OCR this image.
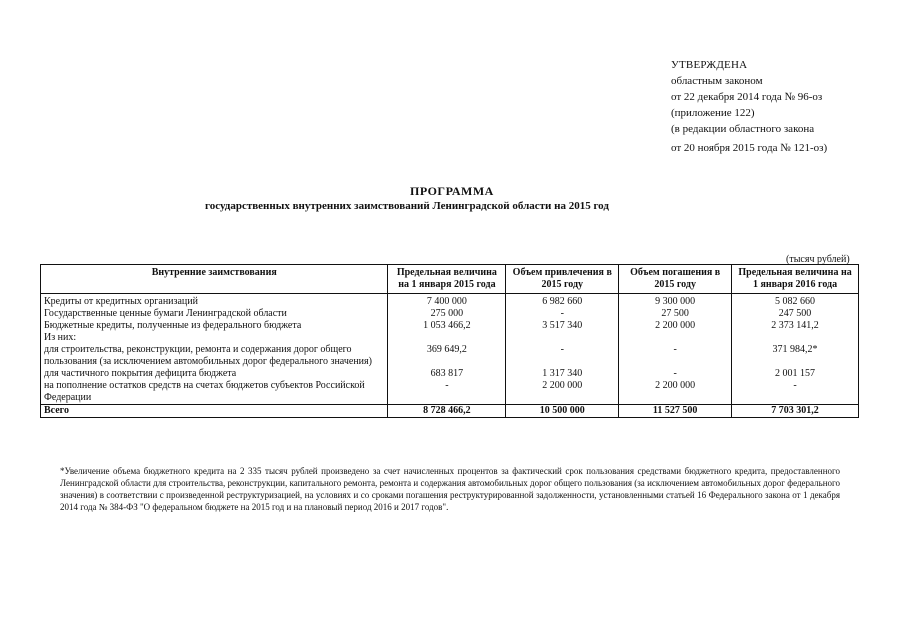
УТВЕРЖДЕНА
областным законом
от 22 декабря 2014 года № 96-оз
(приложение 122)
(в редакции областного закона
от 20 ноября 2015 года № 121-оз)
ПРОГРАММА
государственных внутренних заимствований Ленинградской области на 2015 год
(тысяч рублей)
Внутренние заимствования	Предельная величина на 1 января 2015 года	Объем привлечения в 2015 году	Объем погашения в 2015 году	Предельная величина на 1 января 2016 года
Кредиты от кредитных организаций	7 400 000	6 982 660	9 300 000	5 082 660
Государственные ценные бумаги Ленинградской области	275 000	-	27 500	247 500
Бюджетные кредиты, полученные из федерального бюджета	1 053 466,2	3 517 340	2 200 000	2 373 141,2
Из них:				
для строительства, реконструкции, ремонта и содержания дорог общего пользования (за исключением автомобильных дорог федерального значения)	369 649,2	-	-	371 984,2*
для частичного покрытия дефицита бюджета	683 817	1 317 340	-	2 001 157
на пополнение остатков средств на счетах бюджетов субъектов Российской Федерации	-	2 200 000	2 200 000	-
Всего	8 728 466,2	10 500 000	11 527 500	7 703 301,2
*Увеличение объема бюджетного кредита на 2 335 тысяч рублей произведено за счет начисленных процентов за фактический срок пользования средствами бюджетного кредита, предоставленного Ленинградской области для строительства, реконструкции, капитального ремонта, ремонта и содержания автомобильных дорог общего пользования (за исключением автомобильных дорог федерального значения) в соответствии с произведенной реструктуризацией, на условиях и со сроками погашения реструктурированной задолженности, установленными статьей 16 Федерального закона от 1 декабря 2014 года № 384-ФЗ "О федеральном бюджете на 2015 год и на плановый период 2016 и 2017 годов".
